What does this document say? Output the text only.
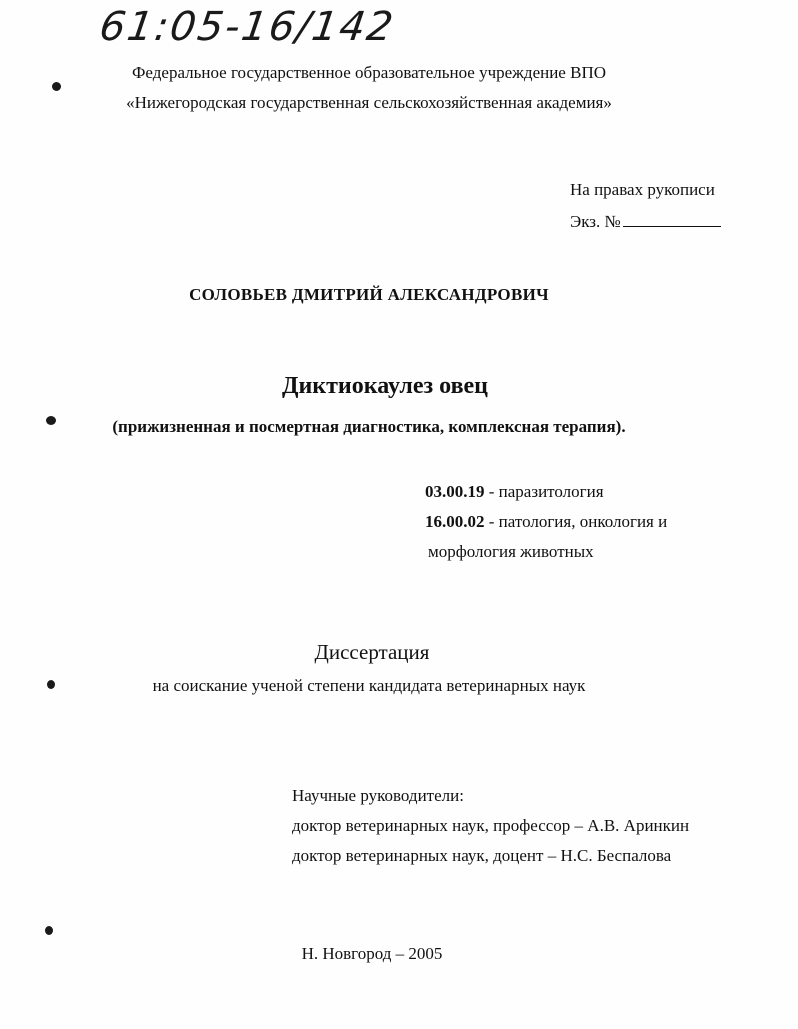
61:05-16/142
Федеральное государственное образовательное учреждение ВПО
«Нижегородская государственная сельскохозяйственная академия»
На правах рукописи
Экз. №
СОЛОВЬЕВ ДМИТРИЙ АЛЕКСАНДРОВИЧ
Диктиокаулез овец
(прижизненная и посмертная диагностика, комплексная терапия).
03.00.19 - паразитология
16.00.02 - патология, онкология и
морфология животных
Диссертация
на соискание ученой степени кандидата ветеринарных наук
Научные руководители:
доктор ветеринарных наук, профессор – А.В. Аринкин
доктор ветеринарных наук, доцент – Н.С. Беспалова
Н. Новгород – 2005
